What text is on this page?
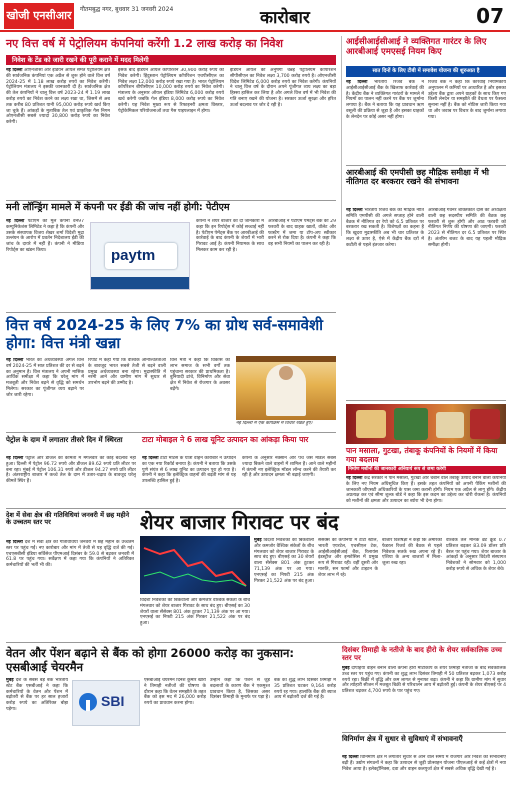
खोजी एनसीआर	गौतमबुद्ध नगर, बुधवार 31 जनवरी 2024	कारोबार	07
नए वित्त वर्ष में पेट्रोलियम कंपनियां करेंगी 1.2 लाख करोड़ का निवेश
निवेश के टेंड को जारी रखने की पूरी कराने में मदद मिलेगी
नई दिल्ली ओएनजीसी और इंडियन ऑयल समेत पेट्रोलियम क्षेत्र की सार्वजनिक कंपनियां एक अप्रैल से शुरू होने वाले वित्त वर्ष 2024-25 में 1.18 लाख करोड़ रुपये का निवेश करेंगी। पेट्रोलियम मंत्रालय ने इसकी जानकारी दी है। सार्वजनिक क्षेत्र की तेल कंपनियों ने चालू वित्त वर्ष 2023-24 में 1.19 लाख करोड़ रुपये का निवेश करने का लक्ष्य रखा था, जिसमें से अब तक करीब 80 प्रतिशत यानी 95,000 करोड़ रुपये खर्च किए जा चुके हैं। आंकड़ों के मुताबिक तेल एवं प्राकृतिक गैस निगम ओएनजीसी सबसे ज्यादा 30,800 करोड़ रुपये का निवेश करेगी।
इसके बाद इंडियन ऑयल कॉर्पोरेशन 30,900 करोड़ रुपये का निवेश करेगी। हिंदुस्तान पेट्रोलियम कॉर्पोरेशन एचपीसीएल का निवेश लक्ष्य 12,000 करोड़ रुपये रखा गया है। भारत पेट्रोलियम कॉर्पोरेशन बीपीसीएल 10,000 करोड़ रुपये का निवेश करेगी। मंत्रालय के अनुसार ऑयल इंडिया लिमिटेड 6,000 करोड़ रुपये खर्च करेगी जबकि गेल इंडिया 8,000 करोड़ रुपये का निवेश करेगी। यह निवेश मुख्य रूप से रिफाइनरी क्षमता विस्तार, पेट्रोकेमिकल परियोजनाओं तथा गैस पाइपलाइन में होगा।
इंडियन ऑयल की अनुषंगी चेन्नई पेट्रोलियम कॉर्पोरेशन सीपीसीएल का निवेश लक्ष्य 3,700 करोड़ रुपये है। ओएनजीसी विदेश लिमिटेड 6,000 करोड़ रुपये का निवेश करेगी। कंपनियों ने चालू वित्त वर्ष के दौरान अपने पूंजीगत व्यय लक्ष्य का बड़ा हिस्सा हासिल कर लिया है और अगले वित्त वर्ष में भी निवेश की गति बनाए रखने की योजना है। सरकार ऊर्जा सुरक्षा और हरित ऊर्जा बदलाव पर जोर दे रही है।
आईसीआईसीआई ने व्यक्तिगत गारंटर के लिए आरबीआई एमएसई नियम किए
सात दिनों के लिए टीबी में समावेश योजना की शुरुआत है
नई दिल्ली भारतीय रिजर्व बैंक ने आईसीआईसीआई बैंक के खिलाफ कार्रवाई की है। केंद्रीय बैंक ने व्यक्तिगत गारंटरों के मामले में नियमों का पालन नहीं करने पर बैंक पर जुर्माना लगाया है। बैंक ने बताया कि यह प्रावधान ऋण वसूली की प्रक्रिया से जुड़ा है और इसका ग्राहकों के लेनदेन पर कोई असर नहीं होगा।
रिजर्व बैंक ने कहा कि कार्रवाई नियामकीय अनुपालन में कमियों पर आधारित है और इसका उद्देश्य बैंक द्वारा अपने ग्राहकों के साथ किए गए किसी लेनदेन या समझौते की वैधता पर फैसला सुनाना नहीं है। बैंक को नोटिस जारी किया गया था और जवाब पर विचार के बाद जुर्माना लगाया गया।
मनी लॉन्ड्रिंग मामले में कंपनी पर ईडी की जांच नहीं होगी: पेटीएम
नई दिल्ली पेटीएम की मूल कंपनी वन97 कम्युनिकेशंस लिमिटेड ने कहा है कि कंपनी और उसके संस्थापक विजय शेखर शर्मा विदेशी मुद्रा उल्लंघन के आरोप में प्रवर्तन निदेशालय ईडी की जांच के दायरे में नहीं हैं। कंपनी ने मीडिया रिपोर्ट्स का खंडन किया।	paytm
कंपनी ने शेयर बाजार को दी जानकारी में कहा कि इन रिपोर्ट्स में कोई सच्चाई नहीं है। पेटीएम पेमेंट्स बैंक पर आरबीआई की कार्रवाई के बाद कंपनी के शेयरों में भारी गिरावट आई है। कंपनी नियामक के साथ मिलकर काम कर रही है।
आरबीआई ने पेटीएम पेमेंट्स बैंक को 29 फरवरी के बाद ग्राहक खातों, वॉलेट और फास्टैग में जमा या टॉप-अप स्वीकार करने से रोक दिया है। कंपनी ने कहा कि वह सभी नियमों का पालन कर रही है।
आरबीआई की एमपीसी छह मौद्रिक समीक्षा में भी नीतिगत दर बरकरार रखने की संभावना
नई दिल्ली भारतीय रिजर्व बैंक की मौद्रिक नीति समिति एमपीसी की अगले सप्ताह होने वाली बैठक में नीतिगत दर रेपो को 6.5 प्रतिशत पर बरकरार रख सकती है। विशेषज्ञों का कहना है कि खुदरा मुद्रास्फीति अब भी चार प्रतिशत के लक्ष्य से ऊपर है, ऐसे में केंद्रीय बैंक दरों में कटौती से पहले इंतजार करेगा।
आरबीआई गवर्नर शक्तिकांत दास की अध्यक्षता वाली छह सदस्यीय समिति की बैठक छह फरवरी से शुरू होगी और आठ फरवरी को नीतिगत निर्णय की घोषणा की जाएगी। फरवरी 2023 से नीतिगत दर 6.5 प्रतिशत पर स्थिर है। अंतरिम बजट के बाद यह पहली मौद्रिक समीक्षा होगी।
वित्त वर्ष 2024-25 के लिए 7% का ग्रोथ सर्व-समावेशी होगा: वित्त मंत्री खन्ना
नई दिल्ली भारत की अर्थव्यवस्था अगले वित्त वर्ष 2024-25 में सात प्रतिशत की दर से बढ़ने का अनुमान है। वित्त मंत्रालय ने अपनी मासिक आर्थिक समीक्षा में कहा कि घरेलू मांग में मजबूती और निवेश बढ़ने से वृद्धि को समर्थन मिलेगा। सरकार का पूंजीगत व्यय बढ़ाने पर जोर जारी रहेगा।
रिपोर्ट में कहा गया कि वैश्विक अनिश्चितताओं के बावजूद भारत सबसे तेजी से बढ़ने वाली प्रमुख अर्थव्यवस्था बना रहेगा। मुद्रास्फीति में नरमी आने और ग्रामीण मांग में सुधार से उपभोग बढ़ने की उम्मीद है।
वित्त मंत्री ने कहा कि विकास का लाभ समाज के सभी वर्गों तक पहुंचाना सरकार की प्राथमिकता है। बुनियादी ढांचे, विनिर्माण और सेवा क्षेत्र में निवेश से रोजगार के अवसर बढ़ेंगे।
नई दिल्ली में एक कार्यक्रम में विचार रखते हुए।
पेट्रोल के दाम में लगातार तीसरे दिन में स्थिरता
नई दिल्ली पेट्रोल और डीजल की कीमतों में मंगलवार को कोई बदलाव नहीं हुआ। दिल्ली में पेट्रोल 96.72 रुपये और डीजल 89.62 रुपये प्रति लीटर पर बना रहा। मुंबई में पेट्रोल 106.31 रुपये और डीजल 94.27 रुपये प्रति लीटर है। अंतरराष्ट्रीय बाजार में कच्चे तेल के दाम में उतार-चढ़ाव के बावजूद घरेलू कीमतें स्थिर हैं।
टाटा मोबाइल ने 6 लाख यूनिट उत्पादन का आंकड़ा किया पार
नई दिल्ली टाटा मोटर्स के यात्री वाहन कारोबार ने उत्पादन का एक नया रिकॉर्ड बनाया है। कंपनी ने बताया कि उसके पुणे संयंत्र से 6 लाख यूनिट का उत्पादन पूरा हो गया है। कंपनी ने कहा कि इलेक्ट्रिक वाहनों की बढ़ती मांग से यह उपलब्धि हासिल हुई है।
कंपनी के अनुसार नेक्सॉन और पंच जैसे मॉडल सबसे ज्यादा बिकने वाले वाहनों में शामिल हैं। आने वाले महीनों में कंपनी नए इलेक्ट्रिक मॉडल लॉन्च करने की तैयारी कर रही है और उत्पादन क्षमता भी बढ़ाई जाएगी।
पान मसाला, गुटखा, तंबाकू कंपनियों के नियमों में किया गया बदलाव
निर्माण मशीनों की जानकारी अनिवार्य रूप से जमा करेगी
नई दिल्ली केंद्र सरकार ने पान मसाला, गुटखा और चबाने वाले तंबाकू उत्पाद बनाने वाली कंपनियों के लिए नए नियम अधिसूचित किए हैं। इसके तहत कंपनियों को अपनी पैकिंग मशीनों की जानकारी जीएसटी अधिकारियों के पास जमा करानी होगी। नियम एक अप्रैल से लागू होंगे। केंद्रीय अप्रत्यक्ष कर एवं सीमा शुल्क बोर्ड ने कहा कि इस कदम का उद्देश्य कर चोरी रोकना है। कंपनियों को मशीनों की क्षमता और उत्पादन का ब्योरा भी देना होगा।
शेयर बाजार गिरावट पर बंद
मुंबई विदेशी निवेशकों की बिकवाली और कमजोर वैश्विक संकेतों के बीच मंगलवार को शेयर बाजार गिरावट के साथ बंद हुए। बीएसई का 30 शेयरों वाला सेंसेक्स 801 अंक टूटकर 71,139 अंक पर आ गया। एनएसई का निफ्टी 215 अंक गिरकर 21,522 अंक पर बंद हुआ।
सेंसेक्स की कंपनियों में टाटा स्टील, भारती एयरटेल, एचसीएल टेक, आईसीआईसीआई बैंक, रिलायंस इंडस्ट्रीज और इन्फोसिस में प्रमुख रूप से गिरावट रही। वहीं दूसरी ओर मारुति, सन फार्मा और टाइटन के शेयर लाभ में रहे।
बाजार विशेषज्ञों ने कहा कि अमेरिकी फेडरल रिजर्व की बैठक से पहले निवेशक सतर्क रुख अपना रहे हैं। एशिया के अन्य बाजारों में मिला-जुला रुख रहा।
वैश्विक तेल मानक ब्रेंट क्रूड 0.7 प्रतिशत बढ़कर 83.09 डॉलर प्रति बैरल पर पहुंच गया। शेयर बाजार के आंकड़ों के अनुसार विदेशी संस्थागत निवेशकों ने सोमवार को 1,000 करोड़ रुपये से अधिक के शेयर बेचे।
विदेशी निवेशकों की बिकवाली और कमजोर वैश्विक संकेतों के बीच मंगलवार को शेयर बाजार गिरावट के साथ बंद हुए। बीएसई का 30 शेयरों वाला सेंसेक्स 801 अंक टूटकर 71,139 अंक पर आ गया। एनएसई का निफ्टी 215 अंक गिरकर 21,522 अंक पर बंद हुआ।
देश में सेवा क्षेत्र की गतिविधियां जनवरी में छह महीने के उच्चतम स्तर पर
नई दिल्ली देश में सेवा क्षेत्र की गतिविधियां जनवरी में छह महीने के उच्चतम स्तर पर पहुंच गईं। नए कारोबार और मांग में तेजी से यह वृद्धि दर्ज की गई। एचएसबीसी इंडिया सर्विसेज पीएमआई दिसंबर के 59.0 से बढ़कर जनवरी में 61.8 पर पहुंच गया। सर्वेक्षण में कहा गया कि कंपनियों ने अतिरिक्त कर्मचारियों की भर्ती भी की।
वेतन और पेंशन बढ़ाने से बैंक को होगा 26000 करोड़ का नुकसान: एसबीआई चेयरमैन
मुंबई देश के सबसे बड़े बैंक भारतीय स्टेट बैंक एसबीआई ने कहा कि कर्मचारियों के वेतन और पेंशन में बढ़ोतरी से बैंक पर हर साल हजारों करोड़ रुपये का अतिरिक्त बोझ पड़ेगा।
SBI
एसबीआई चेयरमैन दिनेश कुमार खारा ने तिमाही नतीजों की घोषणा के दौरान कहा कि वेतन समझौते के तहत बैंक को इस मद में 26,000 करोड़ रुपये का प्रावधान करना होगा।
उन्होंने कहा कि पेंशन से जुड़े बदलावों के कारण बैंक ने एकमुश्त प्रावधान किया है, जिसका असर दिसंबर तिमाही के मुनाफे पर पड़ा है।
बैंक का शुद्ध लाभ दिसंबर तिमाही में 35 प्रतिशत घटकर 9,164 करोड़ रुपये रह गया। हालांकि बैंक की ब्याज आय में बढ़ोतरी दर्ज की गई है।
दिसंबर तिमाही के नतीजे के बाद हीरो के शेयर सर्वकालिक उच्च स्तर पर
मुंबई दोपहिया वाहन बनाने वाली कंपनी हीरो मोटोकॉर्प के शेयर तिमाही नतीजों के बाद सर्वकालिक उच्च स्तर पर पहुंच गए। कंपनी का शुद्ध लाभ दिसंबर तिमाही में 50 प्रतिशत बढ़कर 1,073 करोड़ रुपये रहा। बिक्री में वृद्धि और कम लागत से मुनाफा बढ़ा। कंपनी ने कहा कि ग्रामीण मांग में सुधार और त्योहारी सीजन में मजबूत बिक्री से परिचालन आय में बढ़ोतरी हुई। कंपनी के शेयर बीएसई पर 4 प्रतिशत चढ़कर 4,700 रुपये के पार पहुंच गए।
विनिर्माण क्षेत्र में सुधार से सुविधाएं में संभावनाएँ
नई दिल्ली विनिर्माण क्षेत्र में लगातार सुधार से आने वाले समय में रोजगार और निवेश की संभावनाएं बढ़ी हैं। उद्योग संगठनों ने कहा कि उत्पादन से जुड़ी प्रोत्साहन योजना पीएलआई से कई क्षेत्रों में नया निवेश आया है। इलेक्ट्रॉनिक्स, दवा और वाहन कलपुर्जा क्षेत्र में सबसे अधिक वृद्धि देखी गई है।
